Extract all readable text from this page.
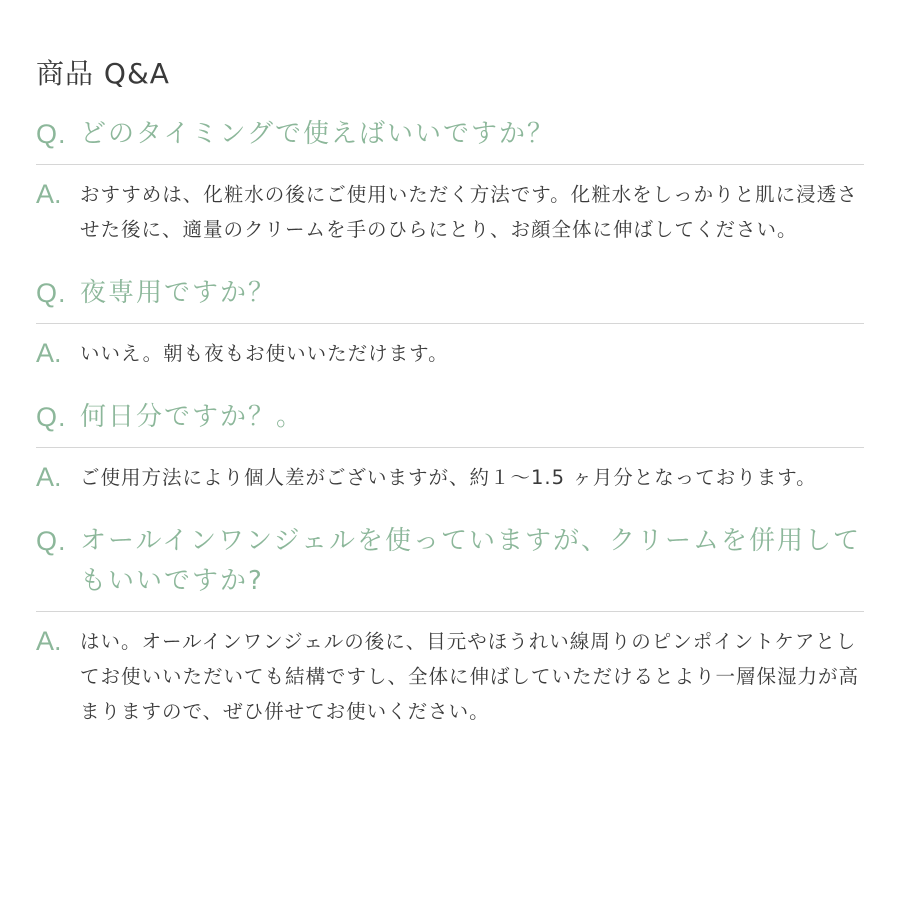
商品 Q&A
Q. どのタイミングで使えばいいですか？
A. おすすめは、化粧水の後にご使用いただく方法です。化粧水をしっかりと肌に浸透させた後に、適量のクリームを手のひらにとり、お顔全体に伸ばしてください。
Q. 夜専用ですか？
A. いいえ。朝も夜もお使いいただけます。
Q. 何日分ですか？。
A. ご使用方法により個人差がございますが、約１～1.5 ヶ月分となっております。
Q. オールインワンジェルを使っていますが、クリームを併用してもいいですか?
A. はい。オールインワンジェルの後に、目元やほうれい線周りのピンポイントケアとしてお使いいただいても結構ですし、全体に伸ばしていただけるとより一層保湿力が高まりますので、ぜひ併せてお使いください。
